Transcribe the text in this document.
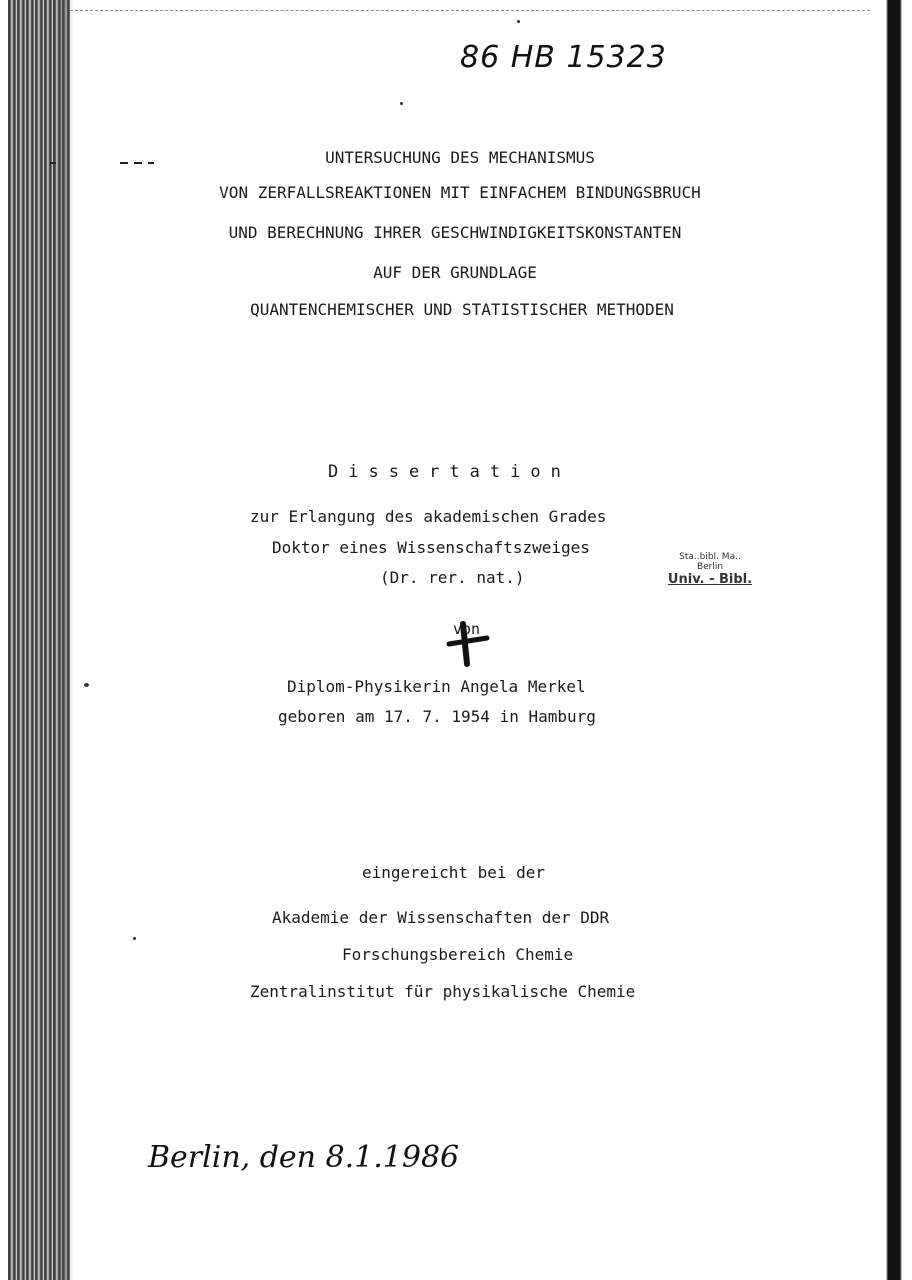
86 HB 15323
UNTERSUCHUNG DES MECHANISMUS
VON ZERFALLSREAKTIONEN MIT EINFACHEM BINDUNGSBRUCH
UND BERECHNUNG IHRER GESCHWINDIGKEITSKONSTANTEN
AUF DER GRUNDLAGE
QUANTENCHEMISCHER UND STATISTISCHER METHODEN
Dissertation
zur Erlangung des akademischen Grades
Doktor eines Wissenschaftszweiges
(Dr. rer. nat.)
Sta..bibl. Ma..
Berlin
Univ. - Bibl.
von
Diplom-Physikerin Angela Merkel
geboren am 17. 7. 1954 in Hamburg
eingereicht bei der
Akademie der Wissenschaften der DDR
Forschungsbereich Chemie
Zentralinstitut für physikalische Chemie
Berlin, den 8.1.1986
